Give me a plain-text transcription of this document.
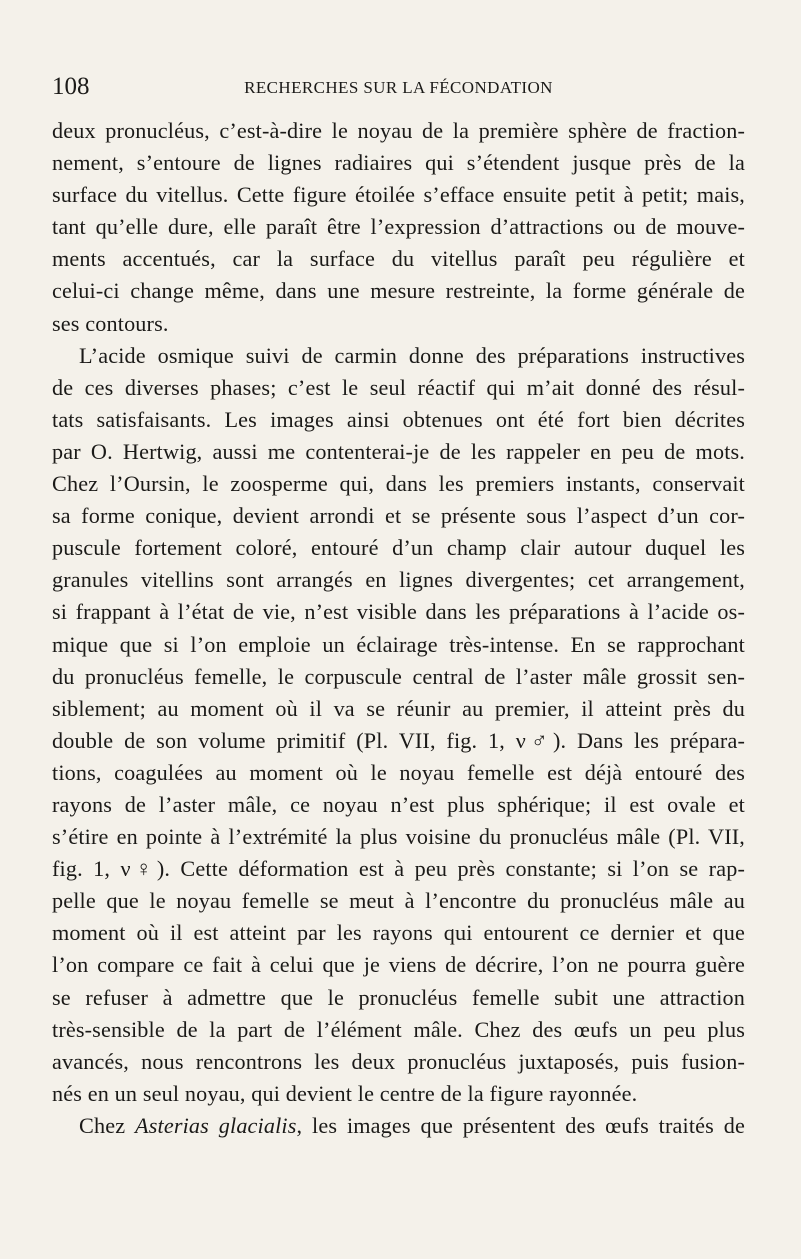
108	RECHERCHES SUR LA FÉCONDATION
deux pronucléus, c’est-à-dire le noyau de la première sphère de fraction-
nement, s’entoure de lignes radiaires qui s’étendent jusque près de la
surface du vitellus. Cette figure étoilée s’efface ensuite petit à petit; mais,
tant qu’elle dure, elle paraît être l’expression d’attractions ou de mouve-
ments accentués, car la surface du vitellus paraît peu régulière et
celui-ci change même, dans une mesure restreinte, la forme générale de
ses contours.
L’acide osmique suivi de carmin donne des préparations instructives
de ces diverses phases; c’est le seul réactif qui m’ait donné des résul-
tats satisfaisants. Les images ainsi obtenues ont été fort bien décrites
par O. Hertwig, aussi me contenterai-je de les rappeler en peu de mots.
Chez l’Oursin, le zoosperme qui, dans les premiers instants, conservait
sa forme conique, devient arrondi et se présente sous l’aspect d’un cor-
puscule fortement coloré, entouré d’un champ clair autour duquel les
granules vitellins sont arrangés en lignes divergentes; cet arrangement,
si frappant à l’état de vie, n’est visible dans les préparations à l’acide os-
mique que si l’on emploie un éclairage très-intense. En se rapprochant
du pronucléus femelle, le corpuscule central de l’aster mâle grossit sen-
siblement; au moment où il va se réunir au premier, il atteint près du
double de son volume primitif (Pl. VII, fig. 1, ν♂). Dans les prépara-
tions, coagulées au moment où le noyau femelle est déjà entouré des
rayons de l’aster mâle, ce noyau n’est plus sphérique; il est ovale et
s’étire en pointe à l’extrémité la plus voisine du pronucléus mâle (Pl. VII,
fig. 1, ν♀). Cette déformation est à peu près constante; si l’on se rap-
pelle que le noyau femelle se meut à l’encontre du pronucléus mâle au
moment où il est atteint par les rayons qui entourent ce dernier et que
l’on compare ce fait à celui que je viens de décrire, l’on ne pourra guère
se refuser à admettre que le pronucléus femelle subit une attraction
très-sensible de la part de l’élément mâle. Chez des œufs un peu plus
avancés, nous rencontrons les deux pronucléus juxtaposés, puis fusion-
nés en un seul noyau, qui devient le centre de la figure rayonnée.
Chez Asterias glacialis, les images que présentent des œufs traités de
